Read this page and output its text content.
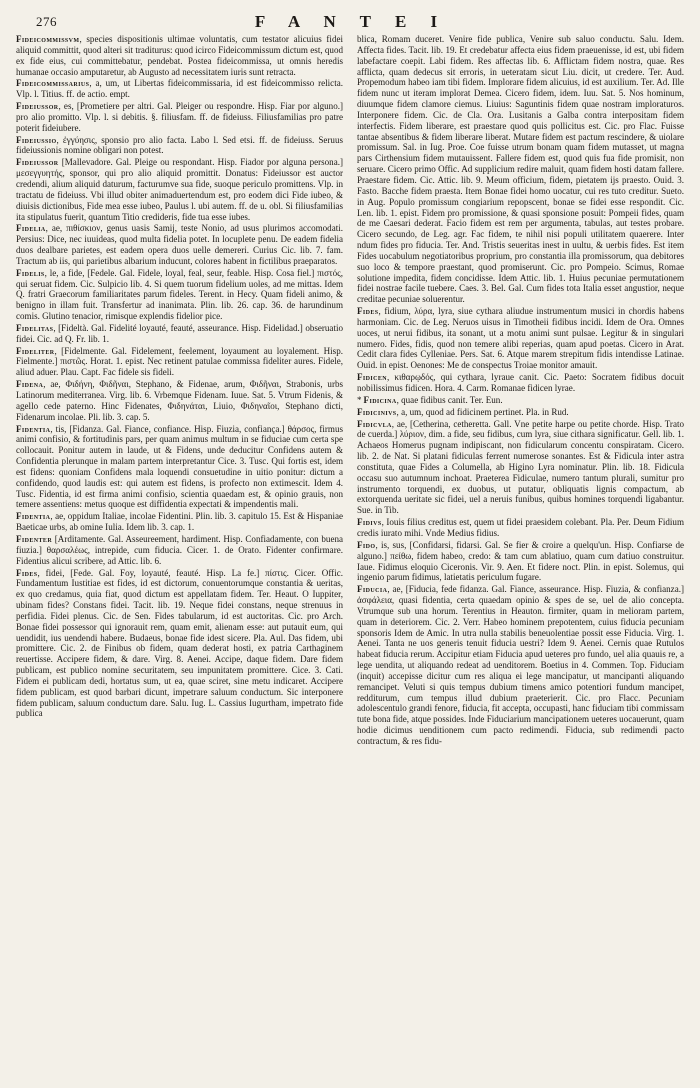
276	F A N T E I

Fideicommissvm, species dispositionis ultimae voluntatis, cum testator alicuius fidei aliquid committit, quod alteri sit traditurus: quod icirco Fideicommissum dictum est, quod ex fide eius, cui committebatur, pendebat. Postea fideicommissa, ut omnis heredis humanae occasio amputaretur, ab Augusto ad necessitatem iuris sunt retracta.

Fideicommissarius, a, um, ut Libertas fideicommissaria, id est fideicommisso relicta. Vlp. l. Titius. ff. de actio. empt.

Fideiussor, es, [Prometiere per altri. Gal. Pleiger ou respondre. Hisp. Fiar por alguno.] pro alio promitto. Vlp. l. si debitis. §. filiusfam. ff. de fideiuss. Filiusfamilias pro patre poterit fideiubere.

Fideiussio, ἐγγύησις, sponsio pro alio facta. Labo l. Sed etsi. ff. de fideiuss. Seruus fideiussionis nomine obligari non potest.

Fideiussor [Mallevadore. Gal. Pleige ou respondant. Hisp. Fiador por alguna persona.] μεσεγγυητής, sponsor, qui pro alio aliquid promittit. Donatus: Fideiussor est auctor credendi, alium aliquid daturum, facturumve sua fide, suoque periculo promittens. Vlp. in tractatu de fideiuss. Vbi illud obiter animaduertendum est, pro eodem dici Fide iubeo, & diuisis dictionibus, Fide mea esse iubeo, Paulus l. ubi autem. ff. de u. obl. Si filiusfamilias ita stipulatus fuerit, quantum Titio credideris, fide tua esse iubes.

Fidelia, ae, πιθίσκιον, genus uasis Samij, teste Nonio, ad usus plurimos accomodati. Persius: Dice, nec iuuideas, quod multa fidelia potet. In locuplete penu. De eadem fidelia duos dealbare parietes, est eadem opera duos uelle demereri. Curius Cic. lib. 7. fam. Tractum ab iis, qui parietibus albarium inducunt, colores habent in fictilibus praeparatos.

Fidelis, le, a fide, [Fedele. Gal. Fidele, loyal, feal, seur, feable. Hisp. Cosa fiel.] πιστός, qui seruat fidem. Cic. Sulpicio lib. 4. Si quem tuorum fidelium uoles, ad me mittas. Idem Q. fratri Graecorum familiaritates parum fideles. Terent. in Hecy. Quam fideli animo, & benigno in illam fuit. Transfertur ad inanimata. Plin. lib. 26. cap. 36. de harundinum comis. Glutino tenacior, rimisque explendis fidelior pice.

Fidelitas, [Fideltà. Gal. Fidelité loyauté, feauté, asseurance. Hisp. Fidelidad.] obseruatio fidei. Cic. ad Q. Fr. lib. 1.

Fideliter, [Fidelmente. Gal. Fidelement, feelement, loyaument au loyalement. Hisp. Fielmente.] πιστῶς. Horat. 1. epist. Nec retinent patulae commissa fideliter aures. Fidele, aliud aduer. Plau. Capt. Fac fidele sis fideli.

Fidena, ae, Φιδήνη, Φιδῆναι, Stephano, & Fidenae, arum, Φιδῆναι, Strabonis, urbs Latinorum mediterranea. Virg. lib. 6. Vrbemque Fidenam. Iuue. Sat. 5. Vtrum Fidenis, & agello cede paterno. Hinc Fidenates, Φιδηνάται, Liuio, Φιδηναῖοι, Stephano dicti, Fidenarum incolae. Pli. lib. 3. cap. 5.

Fidentia, tis, [Fidanza. Gal. Fiance, confiance. Hisp. Fiuzia, confiança.] θάρσος, firmus animi confisio, & fortitudinis pars, per quam animus multum in se fiduciae cum certa spe collocauit. Ponitur autem in laude, ut & Fidens, unde deducitur Confidens autem & Confidentia plerunque in malam partem interpretantur Cice. 3. Tusc. Qui fortis est, idem est fidens: quoniam Confidens mala loquendi consuetudine in uitio ponitur: dictum a confidendo, quod laudis est: qui autem est fidens, is profecto non extimescit. Idem 4. Tusc. Fidentia, id est firma animi confisio, scientia quaedam est, & opinio grauis, non temere assentiens: metus quoque est diffidentia expectati & impendentis mali.

Fidentia, ae, oppidum Italiae, incolae Fidentini. Plin. lib. 3. capitulo 15. Est & Hispaniae Baeticae urbs, ab omine Iulia. Idem lib. 3. cap. 1.

Fidenter [Arditamente. Gal. Asseureement, hardiment. Hisp. Confiadamente, con buena fiuzia.] θαρσαλέως, intrepide, cum fiducia. Cicer. 1. de Orato. Fidenter confirmare. Fidentius alicui scribere, ad Attic. lib. 6.

Fides, fidei, [Fede. Gal. Foy, loyauté, feauté. Hisp. La fe.] πίστις. Cicer. Offic. Fundamentum Iustitiae est fides, id est dictorum, conuentorumque constantia & ueritas, ex quo credamus, quia fiat, quod dictum est appellatam fidem. Ter. Heaut. O Iuppiter, ubinam fides? Constans fidei. Tacit. lib. 19. Neque fidei constans, neque strenuus in perfidia. Fidei plenus. Cic. de Sen. Fides tabularum, id est auctoritas. Cic. pro Arch. Bonae fidei possessor qui ignorauit rem, quam emit, alienam esse: aut putauit eum, qui uendidit, ius uendendi habere. Budaeus, bonae fide idest sicere. Pla. Aul. Das fidem, ubi promittere. Cic. 2. de Finibus ob fidem, quam dederat hosti, ex patria Carthaginem reuertisse. Accipere fidem, & dare. Virg. 8. Aenei. Accipe, daque fidem. Dare fidem publicam, est publico nomine securitatem, seu impunitatem promittere. Cice. 3. Cati. Fidem ei publicam dedi, hortatus sum, ut ea, quae sciret, sine metu indicaret. Accipere fidem publicam, est quod barbari dicunt, impetrare saluum conductum. Sic interponere fidem publicam, saluum conductum dare. Salu. Iug. L. Cassius Iugurtham, impetrato fide publica

blica, Romam duceret. Venire fide publica, Venire sub saluo conductu. Salu. Idem. Affecta fides. Tacit. lib. 19. Et credebatur affecta eius fidem praeuenisse, id est, ubi fidem labefactare coepit. Labi fidem. Res affectas lib. 6. Afflictam fidem nostra, quae. Res afflicta, quam dedecus sit erroris, in ueteratam sicut Liu. dicit, ut credere. Ter. Aud. Propemodum habeo iam tibi fidem. Implorare fidem alicuius, id est auxilium. Ter. Ad. Ille fidem nunc ut iteram implorat Demea. Cicero fidem, idem. Iuu. Sat. 5. Nos hominum, diuumque fidem clamore ciemus. Liuius: Saguntinis fidem quae nostram imploraturos. Interponere fidem. Cic. de Cla. Ora. Lusitanis a Galba contra interpositam fidem interfectis. Fidem liberare, est praestare quod quis pollicitus est. Cic. pro Flac. Fuisse tantae absentibus & fidem liberare liberat. Mutare fidem est pactum rescindere, & uiolare promissum. Sal. in Iug. Proe. Coe fuisse utrum bonam quam fidem mutasset, ut magna pars Cirthensium fidem mutauissent. Fallere fidem est, quod quis fua fide promisit, non seruare. Cicero primo Offic. Ad supplicium redire maluit, quam fidem hosti datam fallere. Praestare fidem. Cic. Attic. lib. 9. Meum officium, fidem, pietatem ijs praesto. Ouid. 3. Fasto. Bacche fidem praesta. Item Bonae fidei homo uocatur, cui res tuto creditur. Sueto. in Aug. Populo promissum congiarium repopscent, bonae se fidei esse respondit. Cic. Len. lib. 1. epist. Fidem pro promissione, & quasi sponsione posuit: Pompeii fides, quam de me Caesari dederat. Facio fidem est rem per argumenta, tabulas, aut testes probare. Cicero secundo, de Leg. agr. Fac fidem, te nihil nisi populi utilitatem quaerere. Inter ndum fides pro fiducia. Ter. And. Tristis seueritas inest in uultu, & uerbis fides. Est item Fides uocabulum negotiatoribus proprium, pro constantia illa promissorum, qua debitores suo loco & tempore praestant, quod promiserunt. Cic. pro Pompeio. Scimus, Romae solutione impedita, fidem concidisse. Idem Attic. lib. 1. Huius pecuniae permutationem fidei nostrae facile tuebere. Caes. 3. Bel. Gal. Cum fides tota Italia esset angustior, neque creditae pecuniae soluerentur.

Fides, fidium, λύρα, lyra, siue cythara aliudue instrumentum musici in chordis habens harmoniam. Cic. de Leg. Neruos uisus in Timotheii fidibus incidi. Idem de Ora. Omnes uoces, ut nerui fidibus, ita sonant, ut a motu animi sunt pulsae. Legitur & in singulari numero. Fides, fidis, quod non temere alibi reperias, quam apud poetas. Cicero in Arat. Cedit clara fides Cylleniae. Pers. Sat. 6. Atque marem strepitum fidis intendisse Latinae. Ouid. in epist. Oenones: Me de conspectus Troiae monitor amauit.

Fidicen, κιθαρῳδός, qui cythara, lyraue canit. Cic. Paeto: Socratem fidibus docuit nobilissimus fidicen. Hora. 4. Carm. Romanae fidicen lyrae.

* Fidicina, quae fidibus canit. Ter. Eun.

Fidicinivs, a, um, quod ad fidicinem pertinet. Pla. in Rud.

Fidicvla, ae, [Cetherina, cetheretta. Gall. Vne petite harpe ou petite chorde. Hisp. Trato de cuerda.] λύριον, dim. a fide, seu fidibus, cum lyra, siue cithara significatur. Gell. lib. 1. Achaeos Homerus pugnam indipiscant, non fidicularum concentu conspiratam. Cicero. lib. 2. de Nat. Si platani fidiculas ferrent numerose sonantes. Est & Fidicula inter astra constituta, quae Fides a Columella, ab Higino Lyra nominatur. Plin. lib. 18. Fidicula occasu suo autumnum inchoat. Praeterea Fidiculae, numero tantum plurali, sumitur pro instrumento torquendi, ex duobus, ut putatur, obliquatis lignis compactum, ab extorquenda ueritate sic fidei, uel a neruis funibus, quibus homines torquendi ligabantur. Sue. in Tib.

Fidivs, Iouis filius creditus est, quem ut fidei praesidem colebant. Pla. Per. Deum Fidium credis iurato mihi. Vnde Medius fidius.

Fido, is, sus, [Confidarsi, fidarsi. Gal. Se fier & croire a quelqu'un. Hisp. Confiarse de alguno.] πείθω, fidem habeo, credo: & tam cum ablatiuo, quam cum datiuo construitur. Iaue. Fidimus eloquio Ciceronis. Vir. 9. Aen. Et fidere noct. Plin. in epist. Solemus, qui ingenio parum fidimus, latietatis periculum fugare.

Fiducia, ae, [Fiducia, fede fidanza. Gal. Fiance, asseurance. Hisp. Fiuzia, & confianza.] ἀσφάλεια, quasi fidentia, certa quaedam opinio & spes de se, uel de alio concepta. Vtrumque sub una horum. Terentius in Heauton. firmiter, quam in melioram partem, quam in deteriorem. Cic. 2. Verr. Habeo hominem prepotentem, cuius fiducia pecuniam sponsoris Idem de Amic. In utra nulla stabilis beneuolentiae possit esse Fiducia. Virg. 1. Aenei. Tanta ne uos generis tenuit fiducia uestri? Idem 9. Aenei. Cernis quae Rutulos habeat fiducia rerum. Accipitur etiam Fiducia apud ueteres pro fundo, uel alia quauis re, a lege uendita, ut aliquando redeat ad uenditorem. Boetius in 4. Commen. Top. Fiduciam (inquit) accepisse dicitur cum res aliqua ei lege mancipatur, ut mancipanti aliquando remancipet. Veluti si quis tempus dubium timens amico potentiori fundum mancipet, redditurum, cum tempus illud dubium praeterierit. Cic. pro Flacc. Pecuniam adolescentulo grandi fenore, fiducia, fit accepta, occupasti, hanc fiduciam tibi commissam tute bona fide, atque possides. Inde Fiduciarium mancipationem ueteres uocauerunt, quam hodie dicimus uenditionem cum pacto redimendi. Fiducia, sub redimendi pacto contractum, & res fidu-
